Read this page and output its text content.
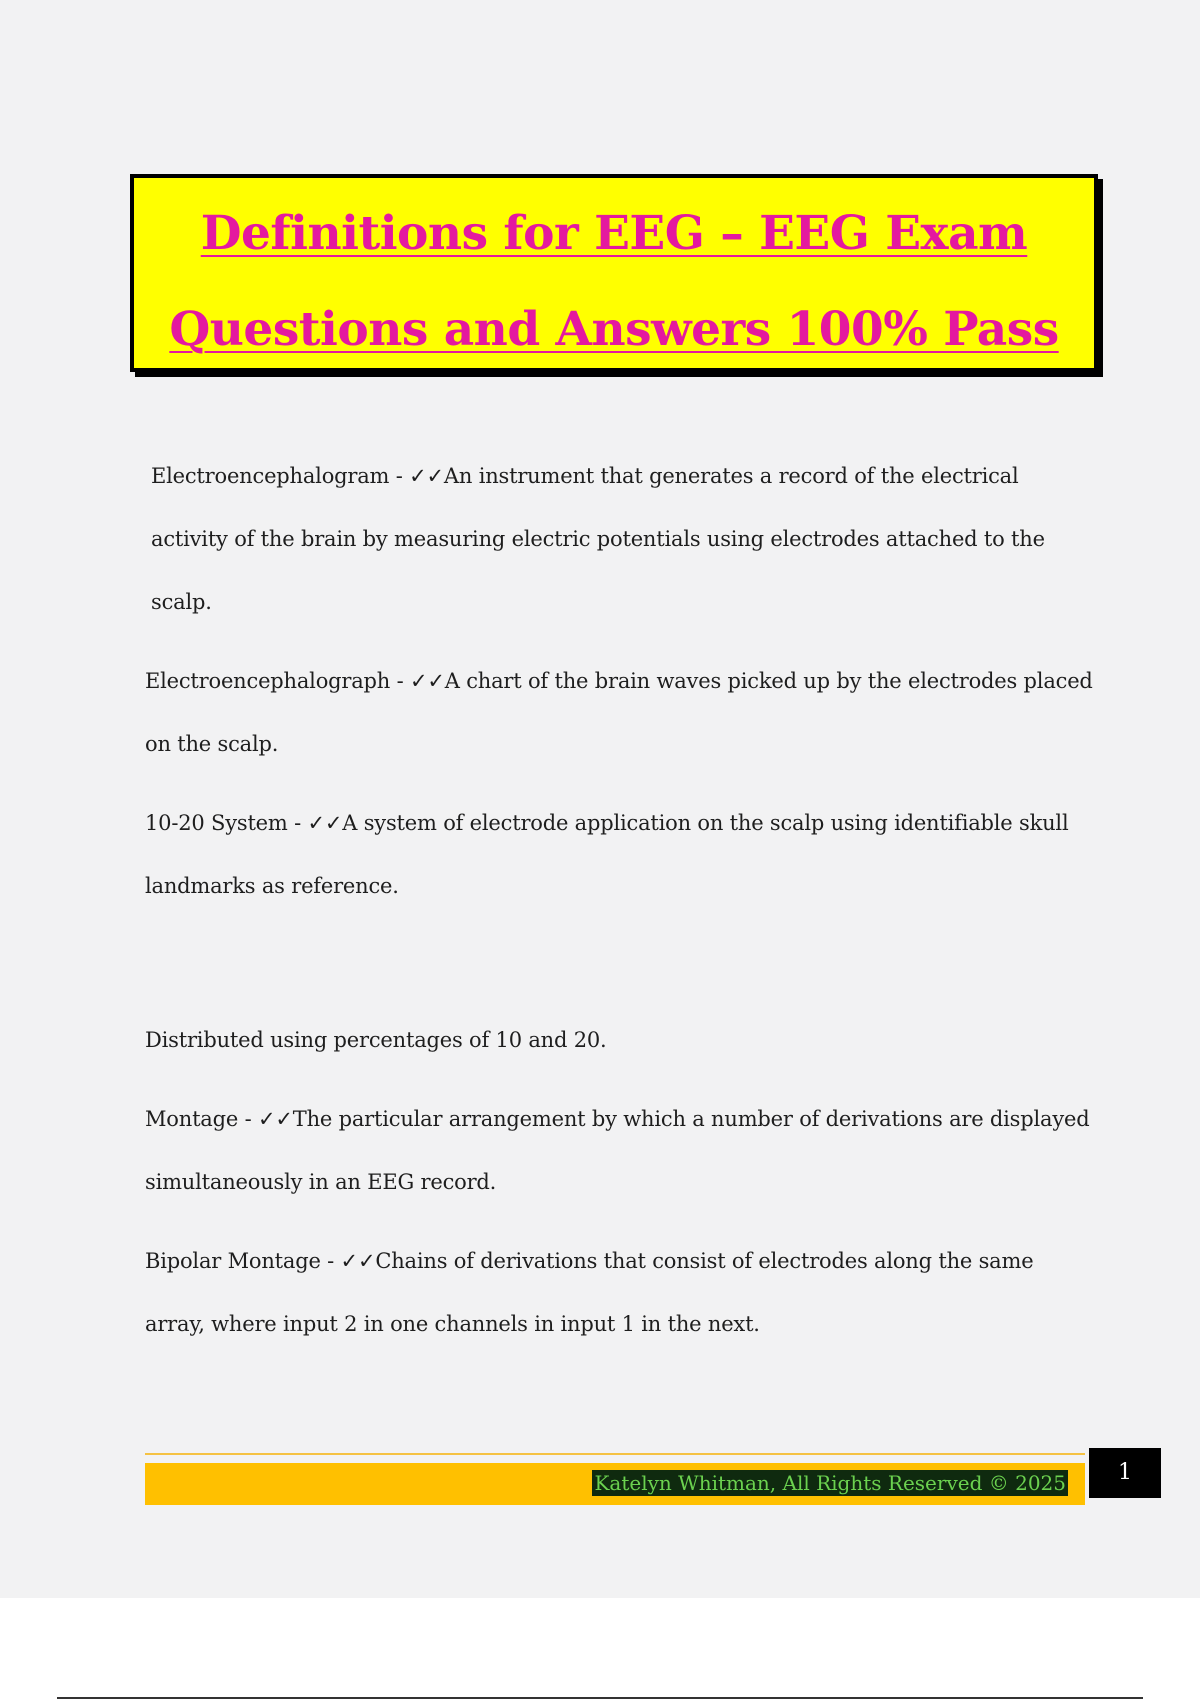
Definitions for EEG – EEG Exam
Questions and Answers 100% Pass

Electroencephalogram - ✓✓An instrument that generates a record of the electrical activity of the brain by measuring electric potentials using electrodes attached to the scalp.

Electroencephalograph - ✓✓A chart of the brain waves picked up by the electrodes placed on the scalp.

10-20 System - ✓✓A system of electrode application on the scalp using identifiable skull landmarks as reference.

Distributed using percentages of 10 and 20.

Montage - ✓✓The particular arrangement by which a number of derivations are displayed simultaneously in an EEG record.

Bipolar Montage - ✓✓Chains of derivations that consist of electrodes along the same array, where input 2 in one channels in input 1 in the next.

Katelyn Whitman, All Rights Reserved © 2025	1
